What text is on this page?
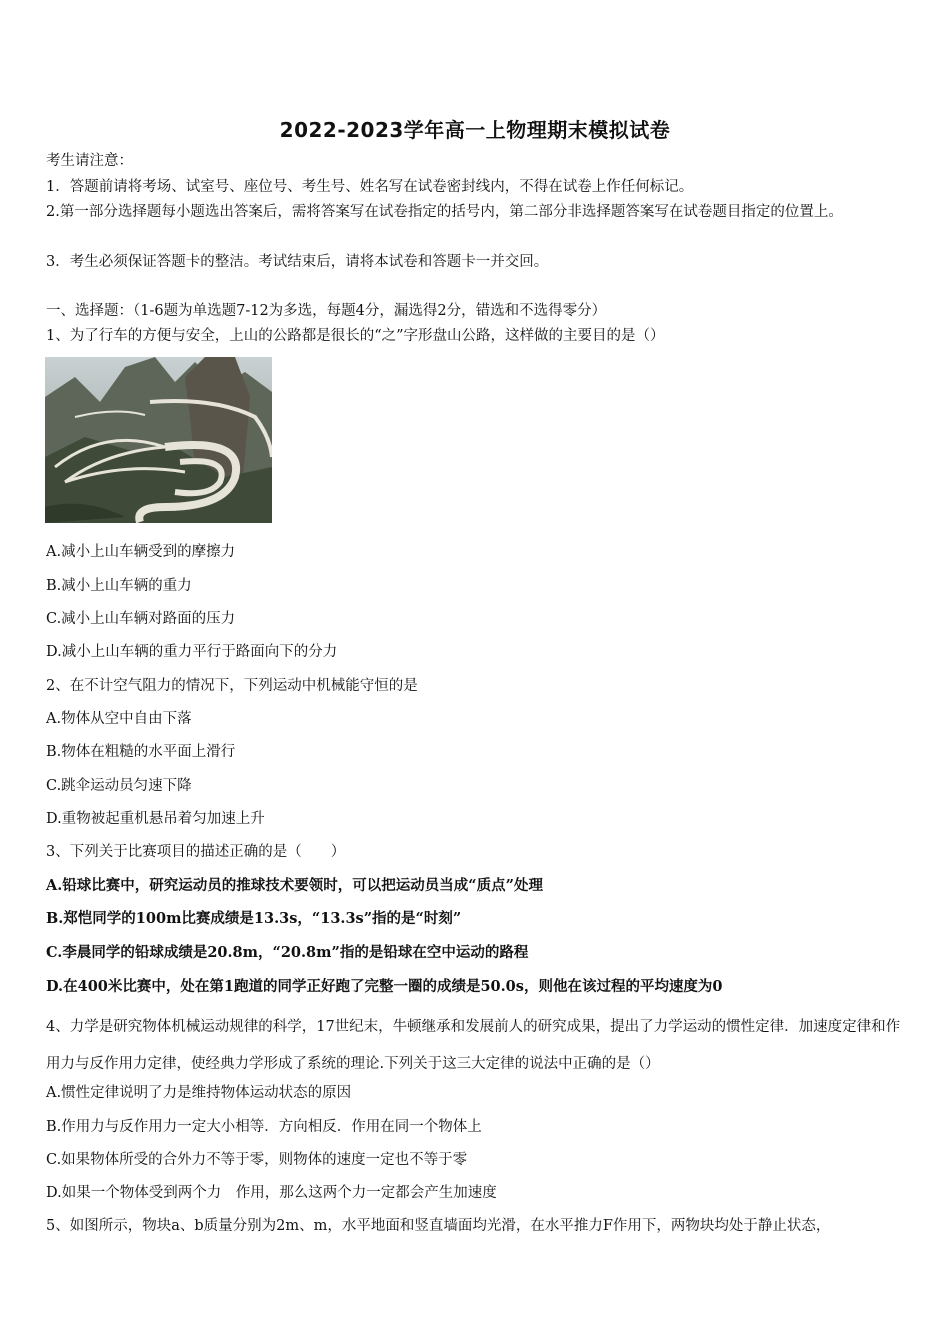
2022-2023学年高一上物理期末模拟试卷
考生请注意：
1．答题前请将考场、试室号、座位号、考生号、姓名写在试卷密封线内，不得在试卷上作任何标记。
2.第一部分选择题每小题选出答案后，需将答案写在试卷指定的括号内，第二部分非选择题答案写在试卷题目指定的位置上。
3．考生必须保证答题卡的整洁。考试结束后，请将本试卷和答题卡一并交回。
一、选择题：（1-6题为单选题7-12为多选，每题4分，漏选得2分，错选和不选得零分）
1、为了行车的方便与安全，上山的公路都是很长的“之”字形盘山公路，这样做的主要目的是（）
A.减小上山车辆受到的摩擦力
B.减小上山车辆的重力
C.减小上山车辆对路面的压力
D.减小上山车辆的重力平行于路面向下的分力
2、在不计空气阻力的情况下，下列运动中机械能守恒的是
A.物体从空中自由下落
B.物体在粗糙的水平面上滑行
C.跳伞运动员匀速下降
D.重物被起重机悬吊着匀加速上升
3、下列关于比赛项目的描述正确的是（　　）
A.铅球比赛中，研究运动员的推球技术要领时，可以把运动员当成“质点”处理
B.郑恺同学的100m比赛成绩是13.3s，“13.3s”指的是“时刻”
C.李晨同学的铅球成绩是20.8m，“20.8m”指的是铅球在空中运动的路程
D.在400米比赛中，处在第1跑道的同学正好跑了完整一圈的成绩是50.0s，则他在该过程的平均速度为0
4、力学是研究物体机械运动规律的科学，17世纪末，牛顿继承和发展前人的研究成果，提出了力学运动的惯性定律．加速度定律和作用力与反作用力定律，使经典力学形成了系统的理论.下列关于这三大定律的说法中正确的是（）
A.惯性定律说明了力是维持物体运动状态的原因
B.作用力与反作用力一定大小相等．方向相反．作用在同一个物体上
C.如果物体所受的合外力不等于零，则物体的速度一定也不等于零
D.如果一个物体受到两个力　作用，那么这两个力一定都会产生加速度
5、如图所示，物块a、b质量分别为2m、m，水平地面和竖直墙面均光滑，在水平推力F作用下，两物块均处于静止状态，
